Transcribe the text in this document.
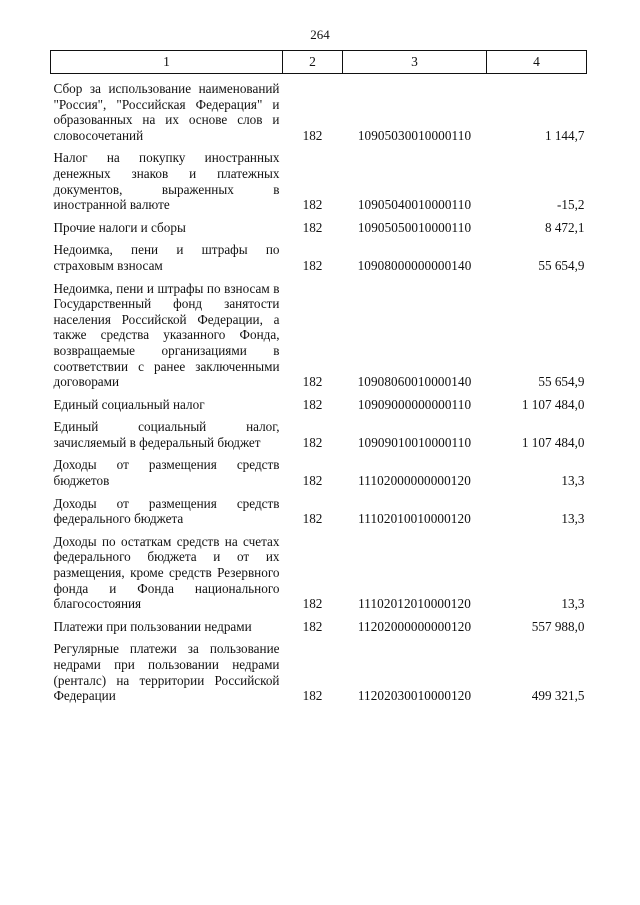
264
1	2	3	4
Сбор за использование наименований "Россия", "Российская Федерация" и образованных на их основе слов и словосочетаний	182	10905030010000110	1 144,7
Налог на покупку иностранных денежных знаков и платежных документов, выраженных в иностранной валюте	182	10905040010000110	-15,2
Прочие налоги и сборы	182	10905050010000110	8 472,1
Недоимка, пени и штрафы по страховым взносам	182	10908000000000140	55 654,9
Недоимка, пени и штрафы по взносам в Государственный фонд занятости населения Российской Федерации, а также средства указанного Фонда, возвращаемые организациями в соответствии с ранее заключенными договорами	182	10908060010000140	55 654,9
Единый социальный налог	182	10909000000000110	1 107 484,0
Единый социальный налог, зачисляемый в федеральный бюджет	182	10909010010000110	1 107 484,0
Доходы от размещения средств бюджетов	182	11102000000000120	13,3
Доходы от размещения средств федерального бюджета	182	11102010010000120	13,3
Доходы по остаткам средств на счетах федерального бюджета и от их размещения, кроме средств Резервного фонда и Фонда национального благосостояния	182	11102012010000120	13,3
Платежи при пользовании недрами	182	11202000000000120	557 988,0
Регулярные платежи за пользование недрами при пользовании недрами (ренталс) на территории Российской Федерации	182	11202030010000120	499 321,5
